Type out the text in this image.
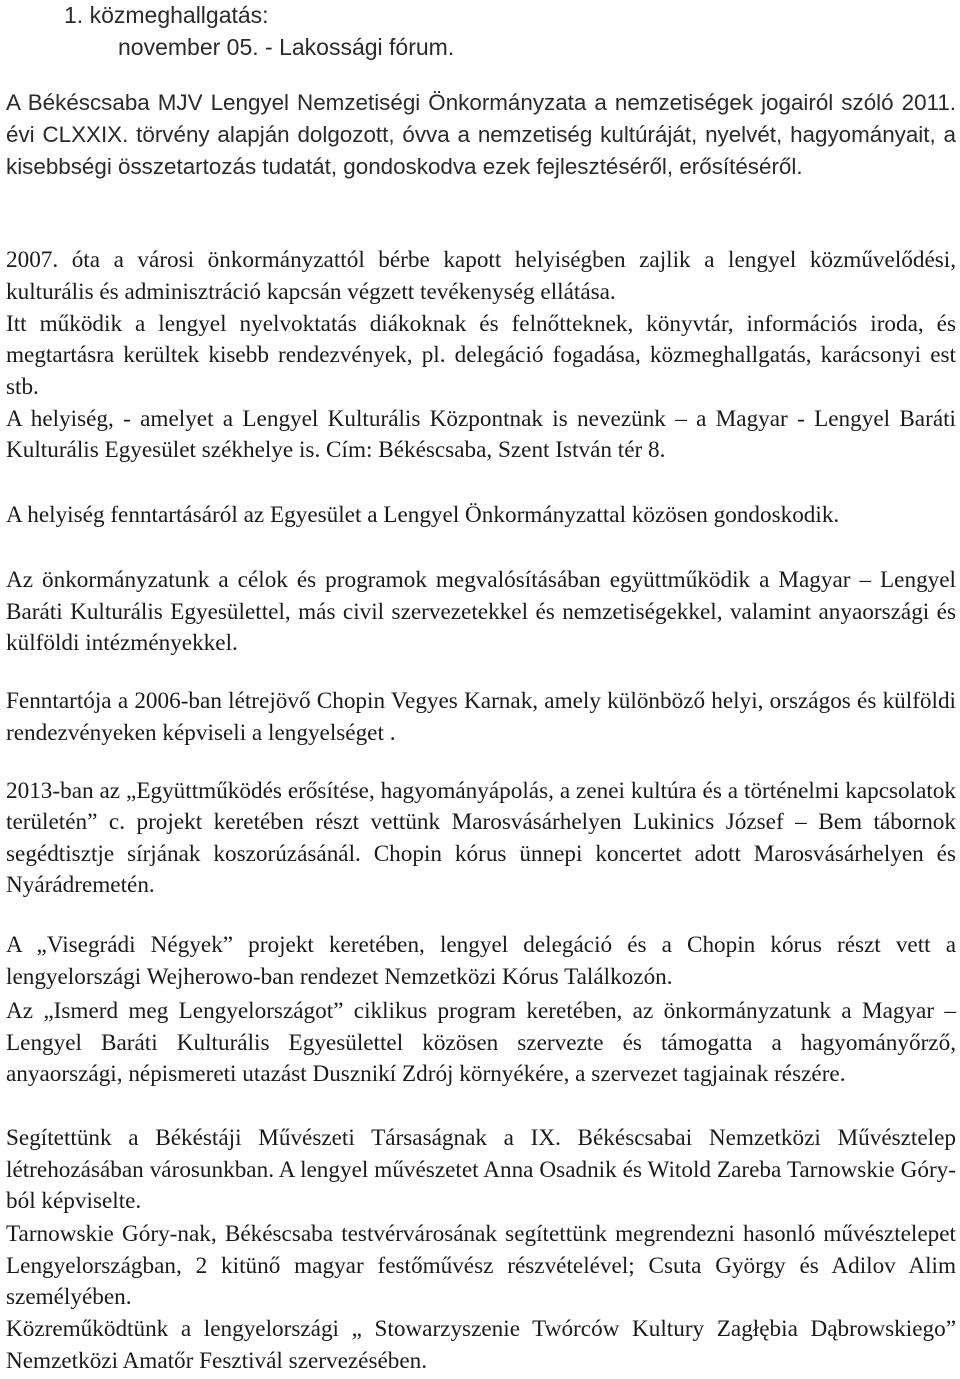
1. közmeghallgatás:
november 05. - Lakossági fórum.

A Békéscsaba MJV Lengyel Nemzetiségi Önkormányzata a nemzetiségek jogairól szóló 2011. évi CLXXIX. törvény alapján dolgozott, óvva a nemzetiség kultúráját, nyelvét, hagyományait, a kisebbségi összetartozás tudatát, gondoskodva ezek fejlesztéséről, erősítéséről.

2007. óta a városi önkormányzattól bérbe kapott helyiségben zajlik a lengyel közművelődési, kulturális és adminisztráció kapcsán végzett tevékenység ellátása.

Itt működik a lengyel nyelvoktatás diákoknak és felnőtteknek, könyvtár, információs iroda, és megtartásra kerültek kisebb rendezvények, pl. delegáció fogadása, közmeghallgatás, karácsonyi est stb.

A helyiség, - amelyet a Lengyel Kulturális Központnak is nevezünk – a Magyar - Lengyel Baráti Kulturális Egyesület székhelye is. Cím: Békéscsaba, Szent István tér 8.

A helyiség fenntartásáról az Egyesület a Lengyel Önkormányzattal közösen gondoskodik.

Az önkormányzatunk a célok és programok megvalósításában együttműködik a Magyar – Lengyel Baráti Kulturális Egyesülettel, más civil szervezetekkel és nemzetiségekkel, valamint anyaországi és külföldi intézményekkel.

Fenntartója a 2006-ban létrejövő Chopin Vegyes Karnak, amely különböző helyi, országos és külföldi rendezvényeken képviseli a lengyelséget .

2013-ban az „Együttműködés erősítése, hagyományápolás, a zenei kultúra és a történelmi kapcsolatok területén” c. projekt keretében részt vettünk Marosvásárhelyen Lukinics József – Bem tábornok segédtisztje sírjának koszorúzásánál. Chopin kórus ünnepi koncertet adott Marosvásárhelyen és Nyárádremetén.

A „Visegrádi Négyek” projekt keretében, lengyel delegáció és a Chopin kórus részt vett a lengyelországi Wejherowo-ban rendezet Nemzetközi Kórus Találkozón.

Az „Ismerd meg Lengyelországot” ciklikus program keretében, az önkormányzatunk a Magyar – Lengyel Baráti Kulturális Egyesülettel közösen szervezte és támogatta a hagyományőrző, anyaországi, népismereti utazást Dusznikí Zdrój környékére, a szervezet tagjainak részére.

Segítettünk a Békéstáji Művészeti Társaságnak a IX. Békéscsabai Nemzetközi Művésztelep létrehozásában városunkban. A lengyel művészetet Anna Osadnik és Witold Zareba Tarnowskie Góry-ból képviselte.

Tarnowskie Góry-nak, Békéscsaba testvérvárosának segítettünk megrendezni hasonló művésztelepet Lengyelországban, 2 kitünő magyar festőművész részvételével; Csuta György és Adilov Alim személyében.

Közreműködtünk a lengyelországi „ Stowarzyszenie Twórców Kultury Zagłębia Dąbrowskiego” Nemzetközi Amatőr Fesztivál szervezésében.
